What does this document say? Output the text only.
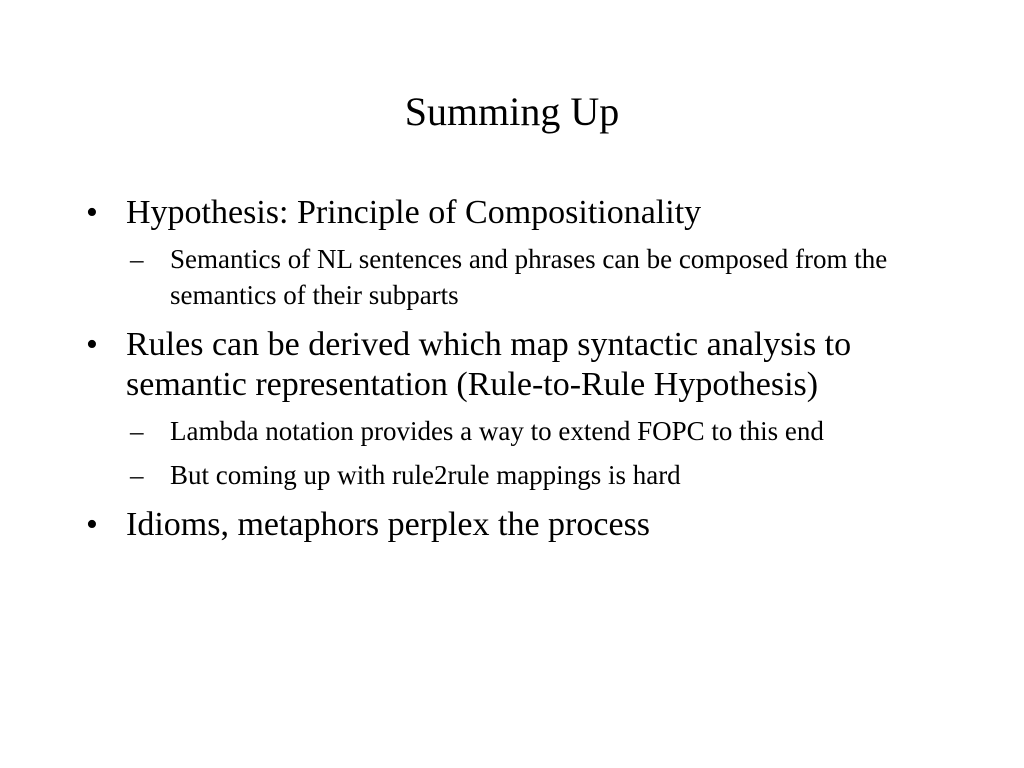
Summing Up
• Hypothesis: Principle of Compositionality
– Semantics of NL sentences and phrases can be composed from the semantics of their subparts
• Rules can be derived which map syntactic analysis to semantic representation (Rule-to-Rule Hypothesis)
– Lambda notation provides a way to extend FOPC to this end
– But coming up with rule2rule mappings is hard
• Idioms, metaphors perplex the process
